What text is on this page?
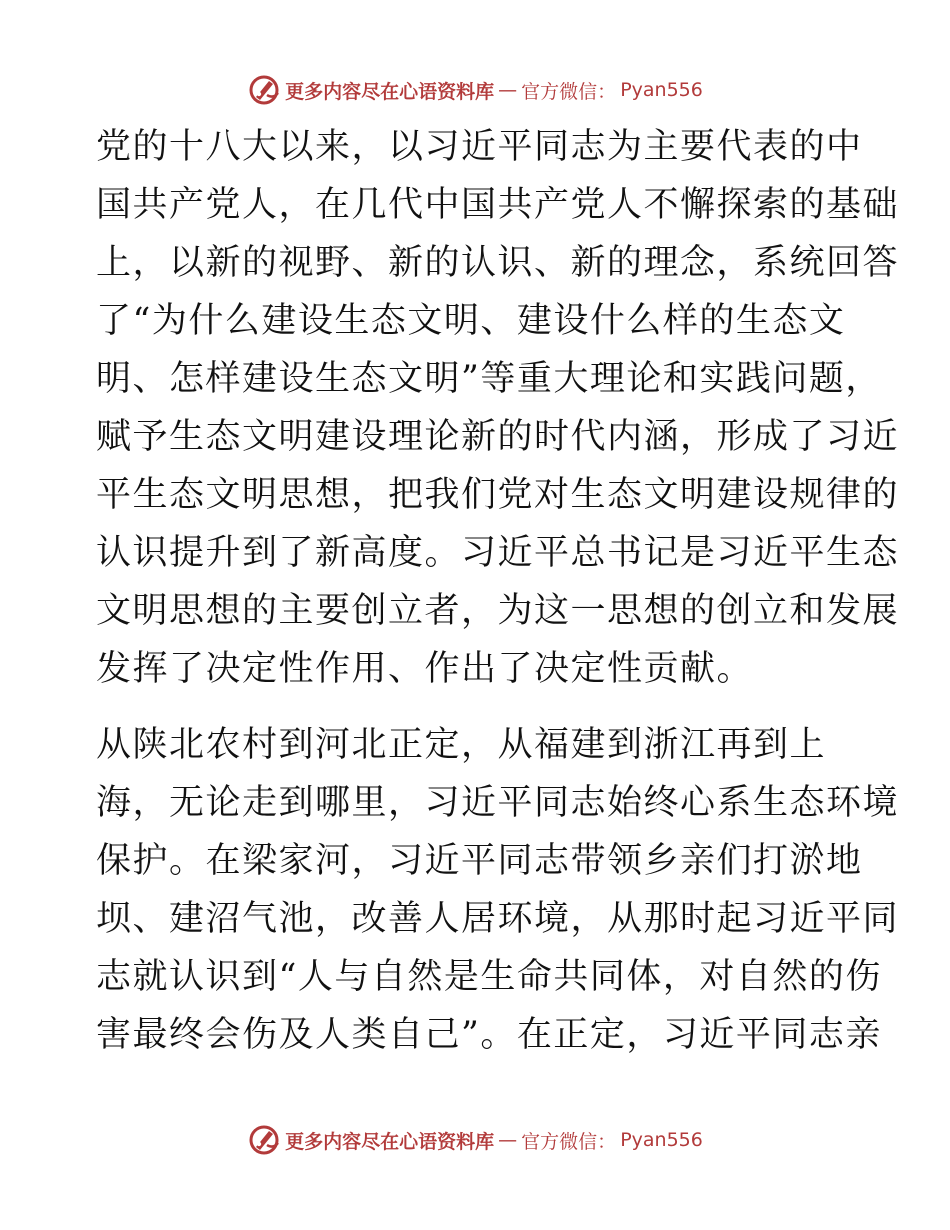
更多内容尽在心语资料库 — 官方微信： Pyan556
党的十八大以来，以习近平同志为主要代表的中
国共产党人，在几代中国共产党人不懈探索的基础
上，以新的视野、新的认识、新的理念，系统回答
了“为什么建设生态文明、建设什么样的生态文
明、怎样建设生态文明”等重大理论和实践问题，
赋予生态文明建设理论新的时代内涵，形成了习近
平生态文明思想，把我们党对生态文明建设规律的
认识提升到了新高度。习近平总书记是习近平生态
文明思想的主要创立者，为这一思想的创立和发展
发挥了决定性作用、作出了决定性贡献。
从陕北农村到河北正定，从福建到浙江再到上
海，无论走到哪里，习近平同志始终心系生态环境
保护。在梁家河，习近平同志带领乡亲们打淤地
坝、建沼气池，改善人居环境，从那时起习近平同
志就认识到“人与自然是生命共同体，对自然的伤
害最终会伤及人类自己”。在正定，习近平同志亲
更多内容尽在心语资料库 — 官方微信： Pyan556
